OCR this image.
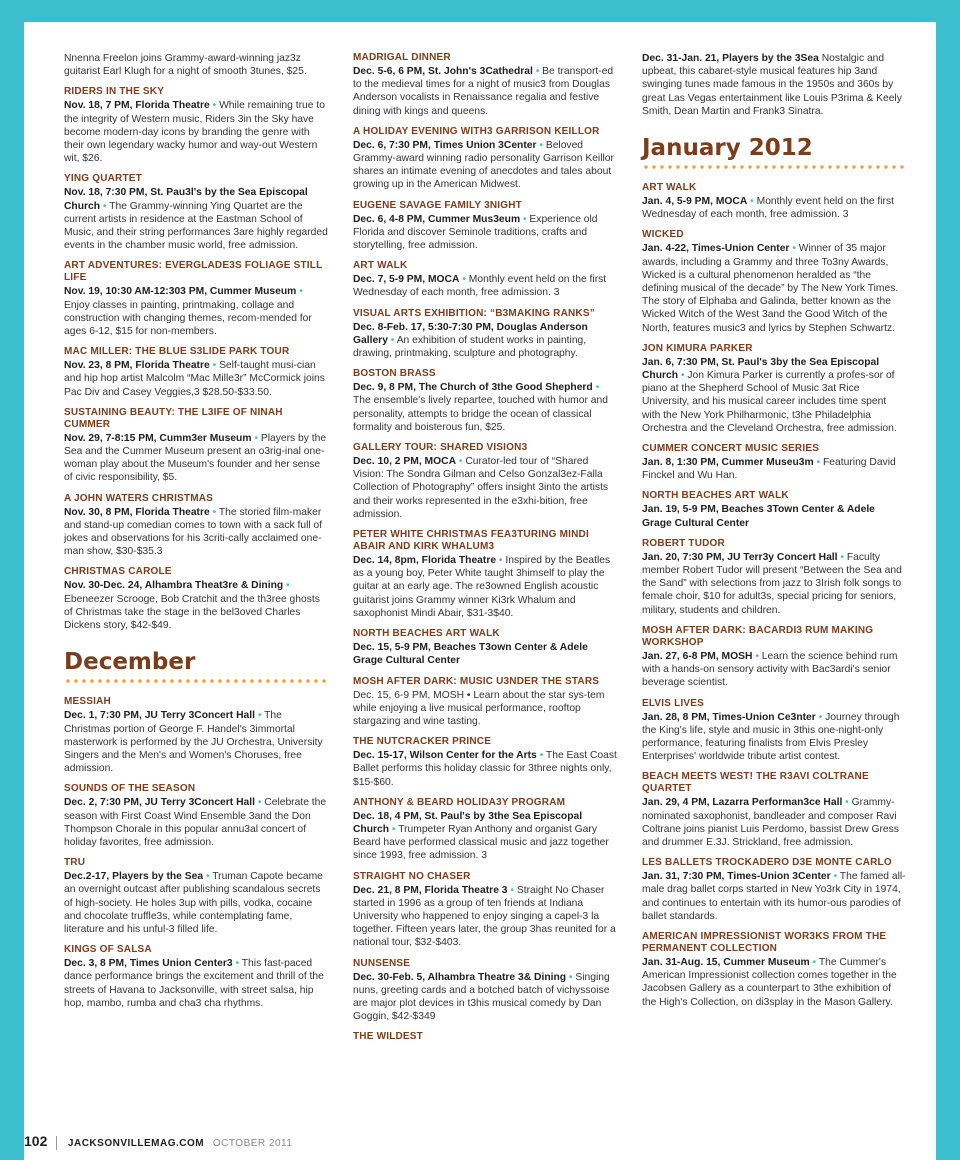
Nnenna Freelon joins Grammy-award-winning jaz3z guitarist Earl Klugh for a night of smooth 3tunes, $25.
RIDERS IN THE SKY
Nov. 18, 7 PM, Florida Theatre • While remaining true to the integrity of Western music, Riders 3in the Sky have become modern-day icons by branding the genre with their own legendary wacky humor and way-out Western wit, $26.
YING QUARTET
Nov. 18, 7:30 PM, St. Pau3l's by the Sea Episcopal Church • The Grammy-winning Ying Quartet are the current artists in residence at the Eastman School of Music, and their string performances 3are highly regarded events in the chamber music world, free admission.
ART ADVENTURES: EVERGLADE3S FOLIAGE STILL LIFE
Nov. 19, 10:30 AM-12:303 PM, Cummer Museum • Enjoy classes in painting, printmaking, collage and construction with changing themes, recom-mended for ages 6-12, $15 for non-members.
MAC MILLER: THE BLUE S3LIDE PARK TOUR
Nov. 23, 8 PM, Florida Theatre • Self-taught musi-cian and hip hop artist Malcolm “Mac Mille3r” McCormick joins Pac Div and Casey Veggies,3 $28.50-$33.50.
SUSTAINING BEAUTY: THE L3IFE OF NINAH CUMMER
Nov. 29, 7-8:15 PM, Cumm3er Museum • Players by the Sea and the Cummer Museum present an o3rig-inal one-woman play about the Museum's founder and her sense of civic responsibility, $5.
A JOHN WATERS CHRISTMAS
Nov. 30, 8 PM, Florida Theatre • The storied film-maker and stand-up comedian comes to town with a sack full of jokes and observations for his 3criti-cally acclaimed one-man show, $30-$35.3
CHRISTMAS CAROLE
Nov. 30-Dec. 24, Alhambra Theat3re & Dining • Ebeneezer Scrooge, Bob Cratchit and the th3ree ghosts of Christmas take the stage in the bel3oved Charles Dickens story, $42-$49.
December
MESSIAH
Dec. 1, 7:30 PM, JU Terry 3Concert Hall • The Christmas portion of George F. Handel's 3immortal masterwork is performed by the JU Orchestra, University Singers and the Men's and Women's Choruses, free admission.
SOUNDS OF THE SEASON
Dec. 2, 7:30 PM, JU Terry 3Concert Hall • Celebrate the season with First Coast Wind Ensemble 3and the Don Thompson Chorale in this popular annu3al concert of holiday favorites, free admission.
TRU
Dec.2-17, Players by the Sea • Truman Capote became an overnight outcast after publishing scandalous secrets of high-society. He holes 3up with pills, vodka, cocaine and chocolate truffle3s, while contemplating fame, literature and his unful-3 filled life.
KINGS OF SALSA
Dec. 3, 8 PM, Times Union Center3 • This fast-paced dance performance brings the excitement and thrill of the streets of Havana to Jacksonville, with street salsa, hip hop, mambo, rumba and cha3 cha rhythms.
MADRIGAL DINNER
Dec. 5-6, 6 PM, St. John's 3Cathedral • Be transport-ed to the medieval times for a night of music3 from Douglas Anderson vocalists in Renaissance regalia and festive dining with kings and queens.
A HOLIDAY EVENING WITH3 GARRISON KEILLOR
Dec. 6, 7:30 PM, Times Union 3Center • Beloved Grammy-award winning radio personality Garrison Keillor shares an intimate evening of anecdotes and tales about growing up in the American Midwest.
EUGENE SAVAGE FAMILY 3NIGHT
Dec. 6, 4-8 PM, Cummer Mus3eum • Experience old Florida and discover Seminole traditions, crafts and storytelling, free admission.
ART WALK
Dec. 7, 5-9 PM, MOCA • Monthly event held on the first Wednesday of each month, free admission. 3
VISUAL ARTS EXHIBITION: “B3MAKING RANKS”
Dec. 8-Feb. 17, 5:30-7:30 PM, Douglas Anderson Gallery • An exhibition of student works in painting, drawing, printmaking, sculpture and photography.
BOSTON BRASS
Dec. 9, 8 PM, The Church of 3the Good Shepherd • The ensemble's lively repartee, touched with humor and personality, attempts to bridge the ocean of classical formality and boisterous fun, $25.
GALLERY TOUR: SHARED VISION3
Dec. 10, 2 PM, MOCA • Curator-led tour of “Shared Vision: The Sondra Gilman and Celso Gonzal3ez-Falla Collection of Photography” offers insight 3into the artists and their works represented in the e3xhi-bition, free admission.
PETER WHITE CHRISTMAS FEA3TURING MINDI ABAIR AND KIRK WHALUM3
Dec. 14, 8pm, Florida Theatre • Inspired by the Beatles as a young boy, Peter White taught 3himself to play the guitar at an early age. The re3owned English acoustic guitarist joins Grammy winner Ki3rk Whalum and saxophonist Mindi Abair, $31-3$40.
NORTH BEACHES ART WALK
Dec. 15, 5-9 PM, Beaches T3own Center & Adele Grage Cultural Center
MOSH AFTER DARK: MUSIC U3NDER THE STARS
Dec. 15, 6-9 PM, MOSH • Learn about the star sys-tem while enjoying a live musical performance, rooftop stargazing and wine tasting.
THE NUTCRACKER PRINCE
Dec. 15-17, Wilson Center for the Arts • The East Coast Ballet performs this holiday classic for 3three nights only, $15-$60.
ANTHONY & BEARD HOLIDA3Y PROGRAM
Dec. 18, 4 PM, St. Paul's by 3the Sea Episcopal Church • Trumpeter Ryan Anthony and organist Gary Beard have performed classical music and jazz together since 1993, free admission. 3
STRAIGHT NO CHASER
Dec. 21, 8 PM, Florida Theatre 3 • Straight No Chaser started in 1996 as a group of ten friends at Indiana University who happened to enjoy singing a capel-3 la together. Fifteen years later, the group 3has reunited for a national tour, $32-$403.
NUNSENSE
Dec. 30-Feb. 5, Alhambra Theatre 3& Dining • Singing nuns, greeting cards and a botched batch of vichyssoise are major plot devices in t3his musical comedy by Dan Goggin, $42-$349
THE WILDEST
Dec. 31-Jan. 21, Players by the 3Sea Nostalgic and upbeat, this cabaret-style musical features hip 3and swinging tunes made famous in the 1950s and 360s by great Las Vegas entertainment like Louis P3rima & Keely Smith, Dean Martin and Frank3 Sinatra.
January 2012
ART WALK
Jan. 4, 5-9 PM, MOCA • Monthly event held on the first Wednesday of each month, free admission. 3
WICKED
Jan. 4-22, Times-Union Center • Winner of 35 major awards, including a Grammy and three To3ny Awards, Wicked is a cultural phenomenon heralded as “the defining musical of the decade” by The New York Times. The story of Elphaba and Galinda, better known as the Wicked Witch of the West 3and the Good Witch of the North, features music3 and lyrics by Stephen Schwartz.
JON KIMURA PARKER
Jan. 6, 7:30 PM, St. Paul's 3by the Sea Episcopal Church • Jon Kimura Parker is currently a profes-sor of piano at the Shepherd School of Music 3at Rice University, and his musical career includes time spent with the New York Philharmonic, t3he Philadelphia Orchestra and the Cleveland Orchestra, free admission.
CUMMER CONCERT MUSIC SERIES
Jan. 8, 1:30 PM, Cummer Museu3m • Featuring David Finckel and Wu Han.
NORTH BEACHES ART WALK
Jan. 19, 5-9 PM, Beaches 3Town Center & Adele Grage Cultural Center
ROBERT TUDOR
Jan. 20, 7:30 PM, JU Terr3y Concert Hall • Faculty member Robert Tudor will present “Between the Sea and the Sand” with selections from jazz to 3Irish folk songs to female choir, $10 for adult3s, special pricing for seniors, military, students and children.
MOSH AFTER DARK: BACARDI3 RUM MAKING WORKSHOP
Jan. 27, 6-8 PM, MOSH • Learn the science behind rum with a hands-on sensory activity with Bac3ardi's senior beverage scientist.
ELVIS LIVES
Jan. 28, 8 PM, Times-Union Ce3nter • Journey through the King's life, style and music in 3this one-night-only performance, featuring finalists from Elvis Presley Enterprises' worldwide tribute artist contest.
BEACH MEETS WEST! THE R3AVI COLTRANE QUARTET
Jan. 29, 4 PM, Lazarra Performan3ce Hall • Grammy-nominated saxophonist, bandleader and composer Ravi Coltrane joins pianist Luis Perdomo, bassist Drew Gress and drummer E.3J. Strickland, free admission.
LES BALLETS TROCKADERO D3E MONTE CARLO
Jan. 31, 7:30 PM, Times-Union 3Center • The famed all-male drag ballet corps started in New Yo3rk City in 1974, and continues to entertain with its humor-ous parodies of ballet standards.
AMERICAN IMPRESSIONIST WOR3KS FROM THE PERMANENT COLLECTION
Jan. 31-Aug. 15, Cummer Museum • The Cummer's American Impressionist collection comes together in the Jacobsen Gallery as a counterpart to 3the exhibition of the High's Collection, on di3splay in the Mason Gallery.
102 JACKSONVILLEMAG.COM OCTOBER 2011
